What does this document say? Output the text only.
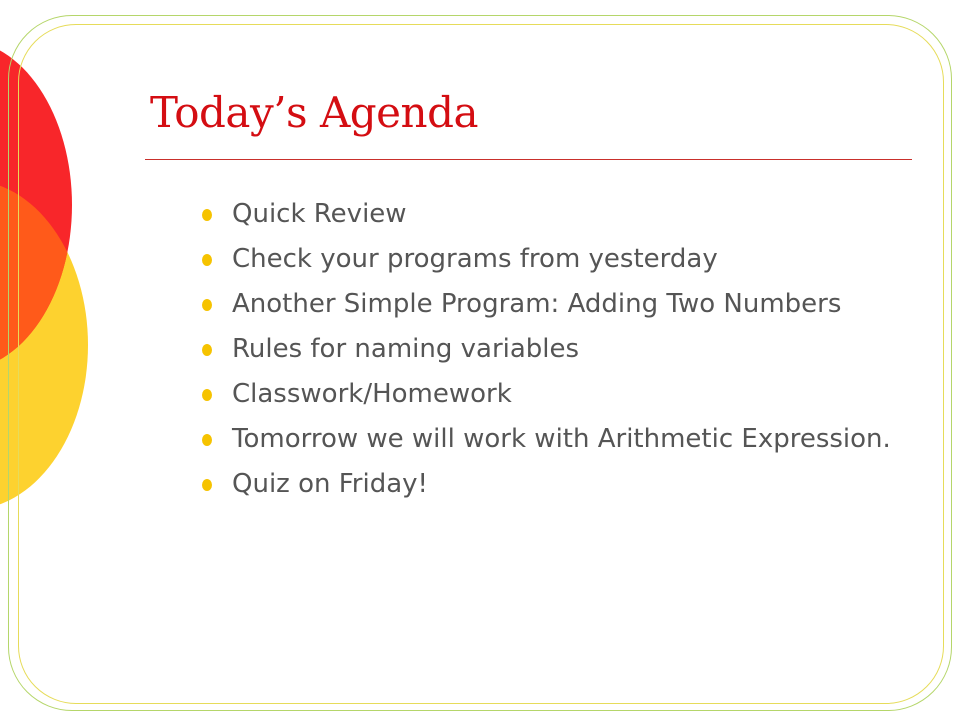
Today’s Agenda
Quick Review
Check your programs from yesterday
Another Simple Program: Adding Two Numbers
Rules for naming variables
Classwork/Homework
Tomorrow we will work with Arithmetic Expression.
Quiz on Friday!
